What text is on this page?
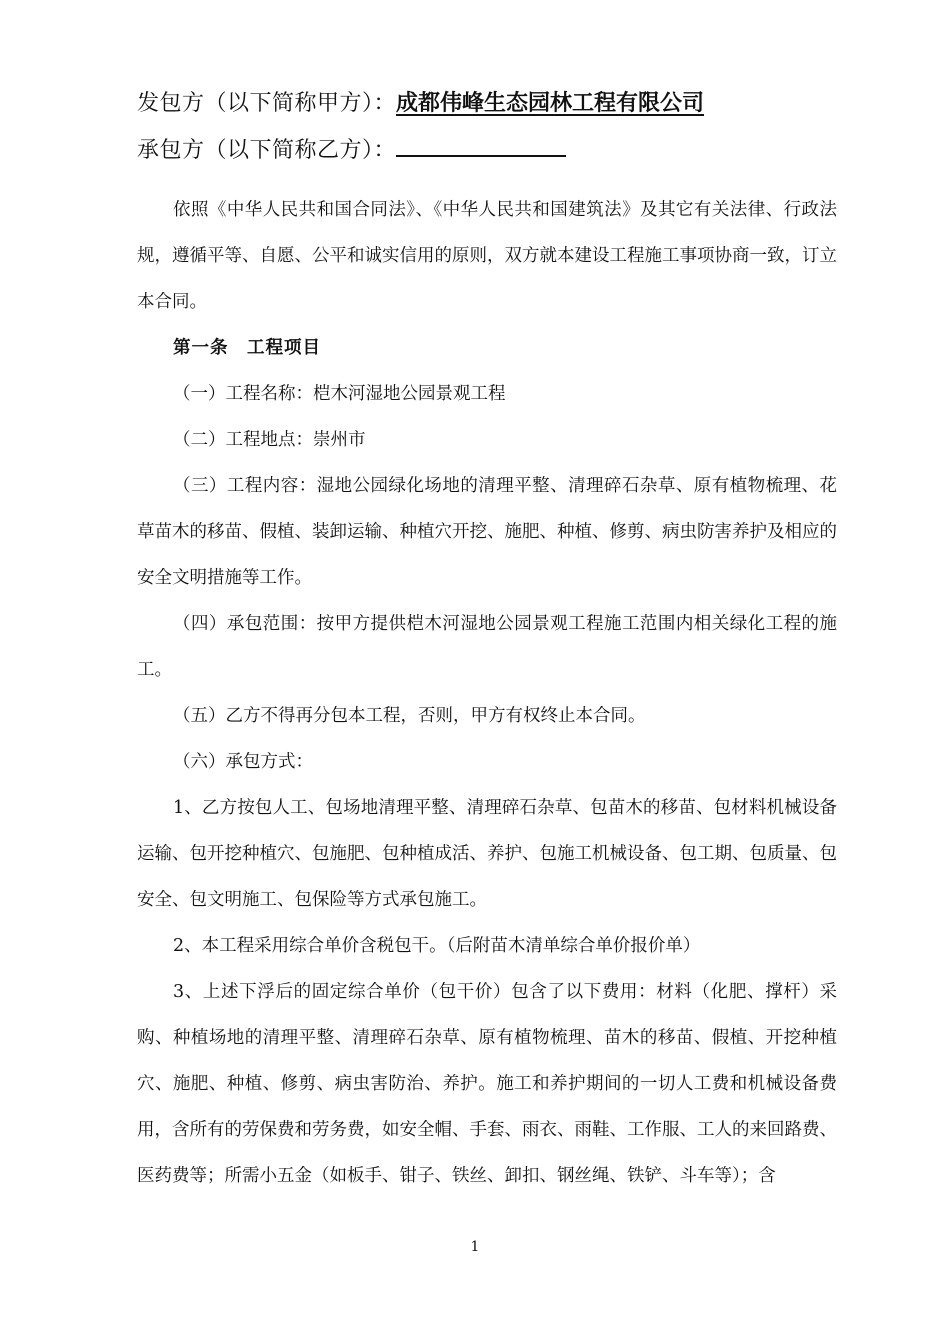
发包方（以下简称甲方）：成都伟峰生态园林工程有限公司
承包方（以下简称乙方）：

依照《中华人民共和国合同法》、《中华人民共和国建筑法》及其它有关法律、行政法规，遵循平等、自愿、公平和诚实信用的原则，双方就本建设工程施工事项协商一致，订立本合同。

第一条　工程项目

（一）工程名称：桤木河湿地公园景观工程

（二）工程地点：崇州市

（三）工程内容：湿地公园绿化场地的清理平整、清理碎石杂草、原有植物梳理、花草苗木的移苗、假植、装卸运输、种植穴开挖、施肥、种植、修剪、病虫防害养护及相应的安全文明措施等工作。

（四）承包范围：按甲方提供桤木河湿地公园景观工程施工范围内相关绿化工程的施工。

（五）乙方不得再分包本工程，否则，甲方有权终止本合同。

（六）承包方式：

1、乙方按包人工、包场地清理平整、清理碎石杂草、包苗木的移苗、包材料机械设备运输、包开挖种植穴、包施肥、包种植成活、养护、包施工机械设备、包工期、包质量、包安全、包文明施工、包保险等方式承包施工。

2、本工程采用综合单价含税包干。（后附苗木清单综合单价报价单）

3、上述下浮后的固定综合单价（包干价）包含了以下费用：材料（化肥、撑杆）采购、种植场地的清理平整、清理碎石杂草、原有植物梳理、苗木的移苗、假植、开挖种植穴、施肥、种植、修剪、病虫害防治、养护。施工和养护期间的一切人工费和机械设备费用，含所有的劳保费和劳务费，如安全帽、手套、雨衣、雨鞋、工作服、工人的来回路费、医药费等；所需小五金（如板手、钳子、铁丝、卸扣、钢丝绳、铁铲、斗车等）；含

1
